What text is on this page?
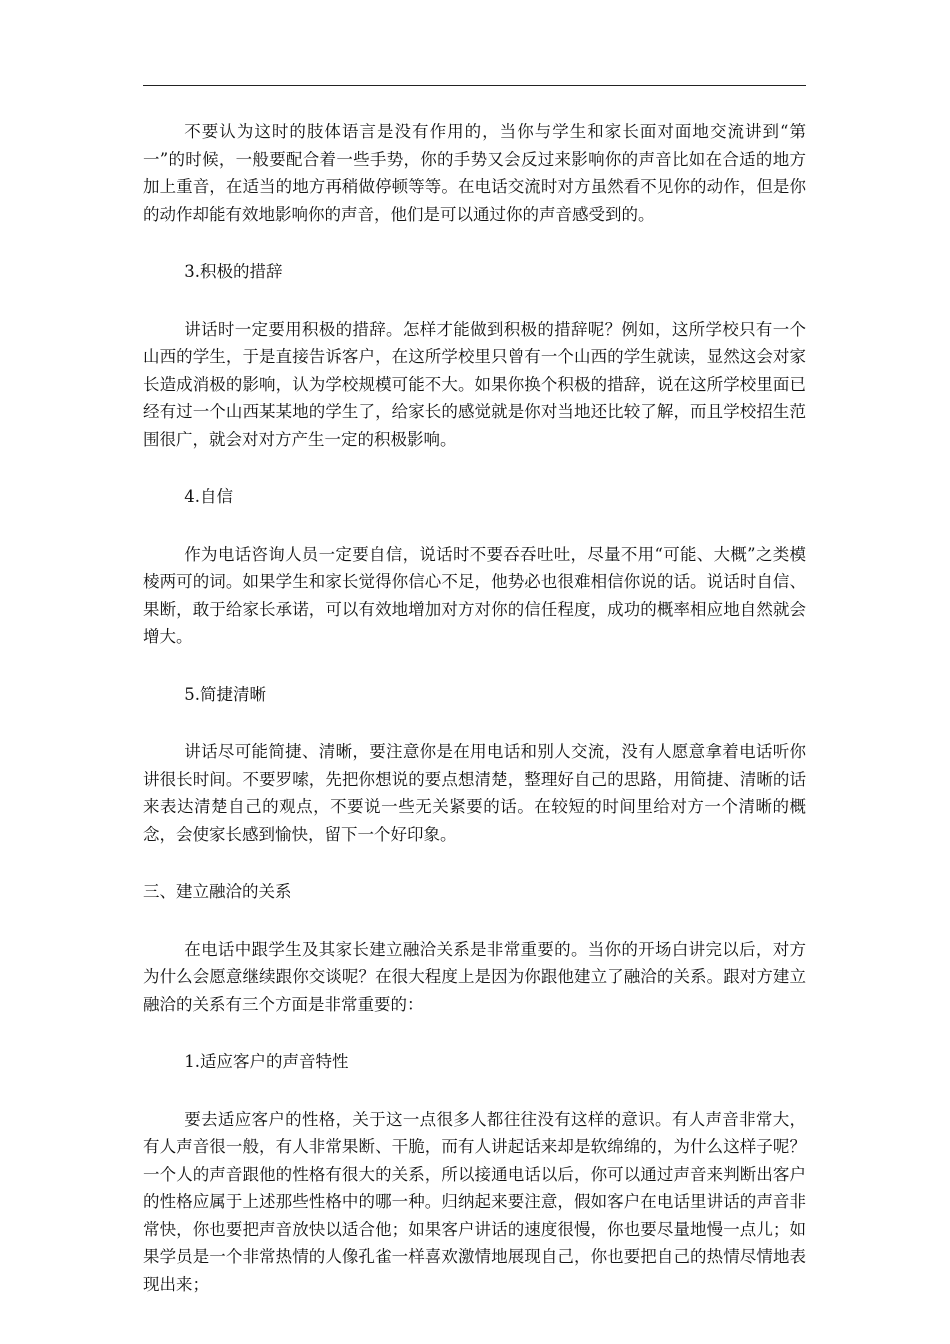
不要认为这时的肢体语言是没有作用的，当你与学生和家长面对面地交流讲到“第一”的时候，一般要配合着一些手势，你的手势又会反过来影响你的声音比如在合适的地方加上重音，在适当的地方再稍做停顿等等。在电话交流时对方虽然看不见你的动作，但是你的动作却能有效地影响你的声音，他们是可以通过你的声音感受到的。

3.积极的措辞

讲话时一定要用积极的措辞。怎样才能做到积极的措辞呢？例如，这所学校只有一个山西的学生，于是直接告诉客户，在这所学校里只曾有一个山西的学生就读，显然这会对家长造成消极的影响，认为学校规模可能不大。如果你换个积极的措辞，说在这所学校里面已经有过一个山西某某地的学生了，给家长的感觉就是你对当地还比较了解，而且学校招生范围很广，就会对对方产生一定的积极影响。

4.自信

作为电话咨询人员一定要自信，说话时不要吞吞吐吐，尽量不用“可能、大概”之类模棱两可的词。如果学生和家长觉得你信心不足，他势必也很难相信你说的话。说话时自信、果断，敢于给家长承诺，可以有效地增加对方对你的信任程度，成功的概率相应地自然就会增大。

5.简捷清晰

讲话尽可能简捷、清晰，要注意你是在用电话和别人交流，没有人愿意拿着电话听你讲很长时间。不要罗嗦，先把你想说的要点想清楚，整理好自己的思路，用简捷、清晰的话来表达清楚自己的观点，不要说一些无关紧要的话。在较短的时间里给对方一个清晰的概念，会使家长感到愉快，留下一个好印象。

三、建立融洽的关系

在电话中跟学生及其家长建立融洽关系是非常重要的。当你的开场白讲完以后，对方为什么会愿意继续跟你交谈呢？在很大程度上是因为你跟他建立了融洽的关系。跟对方建立融洽的关系有三个方面是非常重要的：

1.适应客户的声音特性

要去适应客户的性格，关于这一点很多人都往往没有这样的意识。有人声音非常大，有人声音很一般，有人非常果断、干脆，而有人讲起话来却是软绵绵的，为什么这样子呢？一个人的声音跟他的性格有很大的关系，所以接通电话以后，你可以通过声音来判断出客户的性格应属于上述那些性格中的哪一种。归纳起来要注意，假如客户在电话里讲话的声音非常快，你也要把声音放快以适合他；如果客户讲话的速度很慢，你也要尽量地慢一点儿；如果学员是一个非常热情的人像孔雀一样喜欢激情地展现自己，你也要把自己的热情尽情地表现出来；
